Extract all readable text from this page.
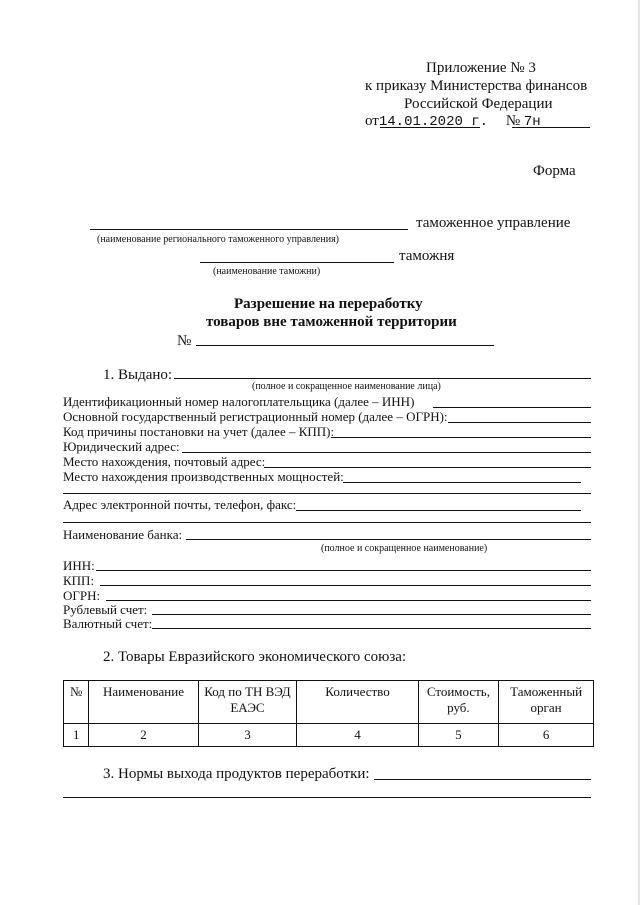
Приложение № 3
к приказу Министерства финансов
Российской Федерации
от14.01.2020 г. № 7н
Форма
таможенное управление
(наименование регионального таможенного управления)
таможня
(наименование таможни)
Разрешение на переработку
товаров вне таможенной территории
№
1. Выдано:
(полное и сокращенное наименование лица)
Идентификационный номер налогоплательщика (далее – ИНН)
Основной государственный регистрационный номер (далее – ОГРН):
Код причины постановки на учет (далее – КПП):
Юридический адрес:
Место нахождения, почтовый адрес:
Место нахождения производственных мощностей:
Адрес электронной почты, телефон, факс:
Наименование банка:
(полное и сокращенное наименование)
ИНН:
КПП:
ОГРН:
Рублевый счет:
Валютный счет:
2. Товары Евразийского экономического союза:
№	Наименование	Код по ТН ВЭД ЕАЭС	Количество	Стоимость, руб.	Таможенный орган
1	2	3	4	5	6
3. Нормы выхода продуктов переработки:
